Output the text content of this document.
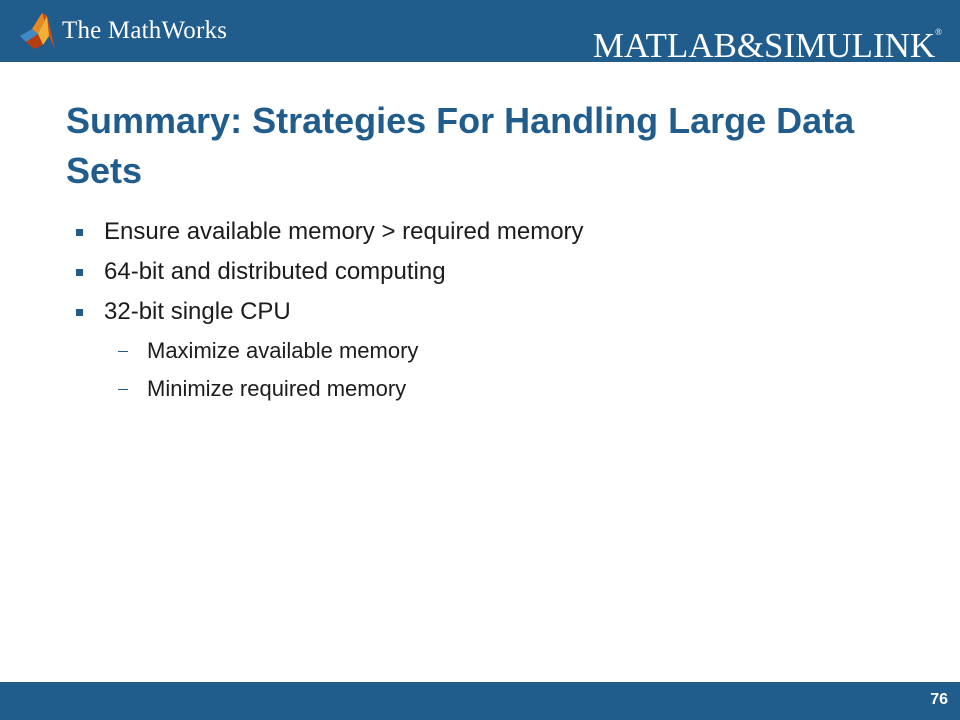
The MathWorks	MATLAB&SIMULINK®
Summary: Strategies For Handling Large Data Sets
Ensure available memory > required memory
64-bit and distributed computing
32-bit single CPU
Maximize available memory
Minimize required memory
76
